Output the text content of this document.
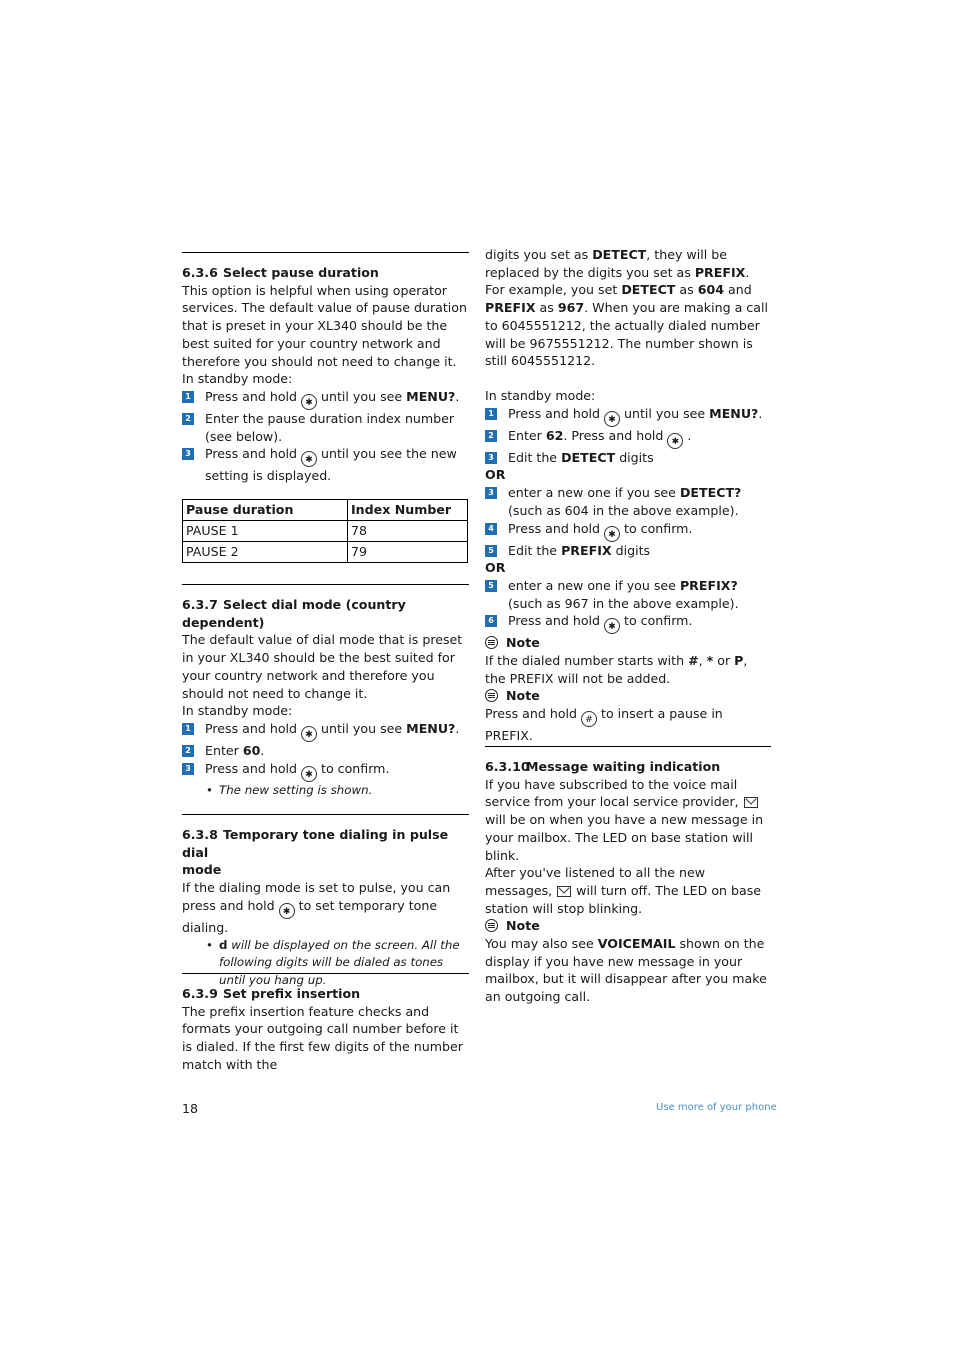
6.3.6 Select pause duration
This option is helpful when using operator services. The default value of pause duration that is preset in your XL340 should be the best suited for your country network and therefore you should not need to change it.
In standby mode:
1 Press and hold ✱ until you see MENU?.
2 Enter the pause duration index number (see below).
3 Press and hold ✱ until you see the new setting is displayed.
Pause duration	Index Number
PAUSE 1	78
PAUSE 2	79
6.3.7 Select dial mode (country
dependent)
The default value of dial mode that is preset in your XL340 should be the best suited for your country network and therefore you should not need to change it.
In standby mode:
1 Press and hold ✱ until you see MENU?.
2 Enter 60.
3 Press and hold ✱ to confirm.
• The new setting is shown.
6.3.8 Temporary tone dialing in pulse dial
mode
If the dialing mode is set to pulse, you can press and hold ✱ to set temporary tone dialing.
• d will be displayed on the screen. All the following digits will be dialed as tones until you hang up.
6.3.9 Set prefix insertion
The prefix insertion feature checks and formats your outgoing call number before it is dialed. If the first few digits of the number match with the
digits you set as DETECT, they will be replaced by the digits you set as PREFIX.
For example, you set DETECT as 604 and PREFIX as 967. When you are making a call to 6045551212, the actually dialed number will be 9675551212. The number shown is still 6045551212.
In standby mode:
1 Press and hold ✱ until you see MENU?.
2 Enter 62. Press and hold ✱ .
3 Edit the DETECT digits
OR
3 enter a new one if you see DETECT? (such as 604 in the above example).
4 Press and hold ✱ to confirm.
5 Edit the PREFIX digits
OR
5 enter a new one if you see PREFIX? (such as 967 in the above example).
6 Press and hold ✱ to confirm.
Note
If the dialed number starts with #, * or P, the PREFIX will not be added.
Note
Press and hold # to insert a pause in PREFIX.
6.3.10Message waiting indication
If you have subscribed to the voice mail service from your local service provider,will be on when you have a new message in your mailbox. The LED on base station will blink.
After you've listened to all the new messages, will turn off. The LED on base station will stop blinking.
Note
You may also see VOICEMAIL shown on the display if you have new message in your mailbox, but it will disappear after you make an outgoing call.
18	Use more of your phone
